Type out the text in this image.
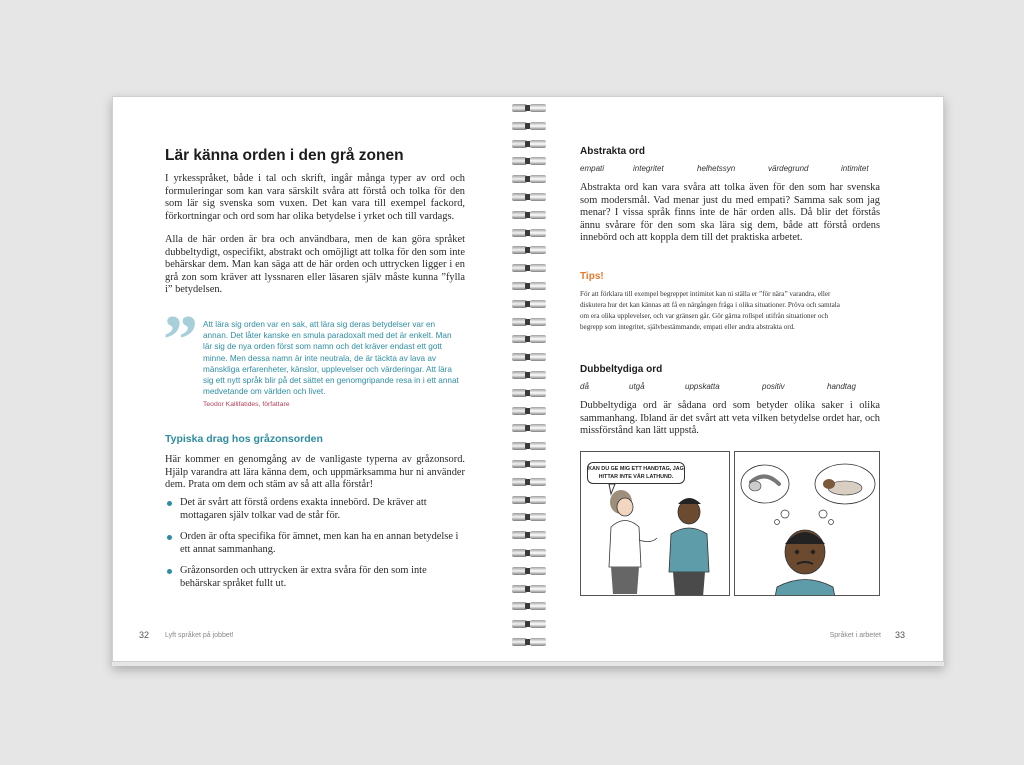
Lär känna orden i den grå zonen
I yrkesspråket, både i tal och skrift, ingår många typer av ord och formuleringar som kan vara särskilt svåra att förstå och tolka för den som lär sig svenska som vuxen. Det kan vara till exempel fackord, förkortningar och ord som har olika betydelse i yrket och till vardags.
Alla de här orden är bra och användbara, men de kan göra språket dubbeltydigt, ospecifikt, abstrakt och omöjligt att tolka för den som inte behärskar dem. Man kan säga att de här orden och uttrycken ligger i en grå zon som kräver att lyssnaren eller läsaren själv måste kunna ”fylla i” betydelsen.
” Att lära sig orden var en sak, att lära sig deras betydelser var en annan. Det låter kanske en smula paradoxalt med det är enkelt. Man lär sig de nya orden först som namn och det kräver endast ett gott minne. Men dessa namn är inte neutrala, de är täckta av lava av mänskliga erfarenheter, känslor, upplevelser och värderingar. Att lära sig ett nytt språk blir på det sättet en genomgripande resa in i ett annat medvetande om världen och livet.
Teodor Kallifatides, författare
Typiska drag hos gråzonsorden
Här kommer en genomgång av de vanligaste typerna av gråzonsord. Hjälp varandra att lära känna dem, och uppmärksamma hur ni använder dem. Prata om dem och stäm av så att alla förstår!
Det är svårt att förstå ordens exakta innebörd. De kräver att mottagaren själv tolkar vad de står för.
Orden är ofta specifika för ämnet, men kan ha en annan betydelse i ett annat sammanhang.
Gråzonsorden och uttrycken är extra svåra för den som inte behärskar språket fullt ut.
32 Lyft språket på jobbet!
Abstrakta ord
empati	integritet	helhetssyn	värdegrund	intimitet
Abstrakta ord kan vara svåra att tolka även för den som har svenska som modersmål. Vad menar just du med empati? Samma sak som jag menar? I vissa språk finns inte de här orden alls. Då blir det förstås ännu svårare för den som ska lära sig dem, både att förstå ordens innebörd och att koppla dem till det praktiska arbetet.
Tips!
För att förklara till exempel begreppet intimitet kan ni ställa er ”för nära” varandra, eller diskutera hur det kan kännas att få en närgången fråga i olika situationer. Pröva och samtala om era olika upplevelser, och var gränsen går. Gör gärna rollspel utifrån situationer och begrepp som integritet, självbestämmande, empati eller andra abstrakta ord.
Dubbeltydiga ord
då	utgå	uppskatta	positiv	handtag
Dubbeltydiga ord är sådana ord som betyder olika saker i olika sammanhang. Ibland är det svårt att veta vilken betydelse ordet har, och missförstånd kan lätt uppstå.
KAN DU GE MIG ETT HANDTAG, JAG HITTAR INTE VÅR LATHUND.
Språket i arbetet 33
